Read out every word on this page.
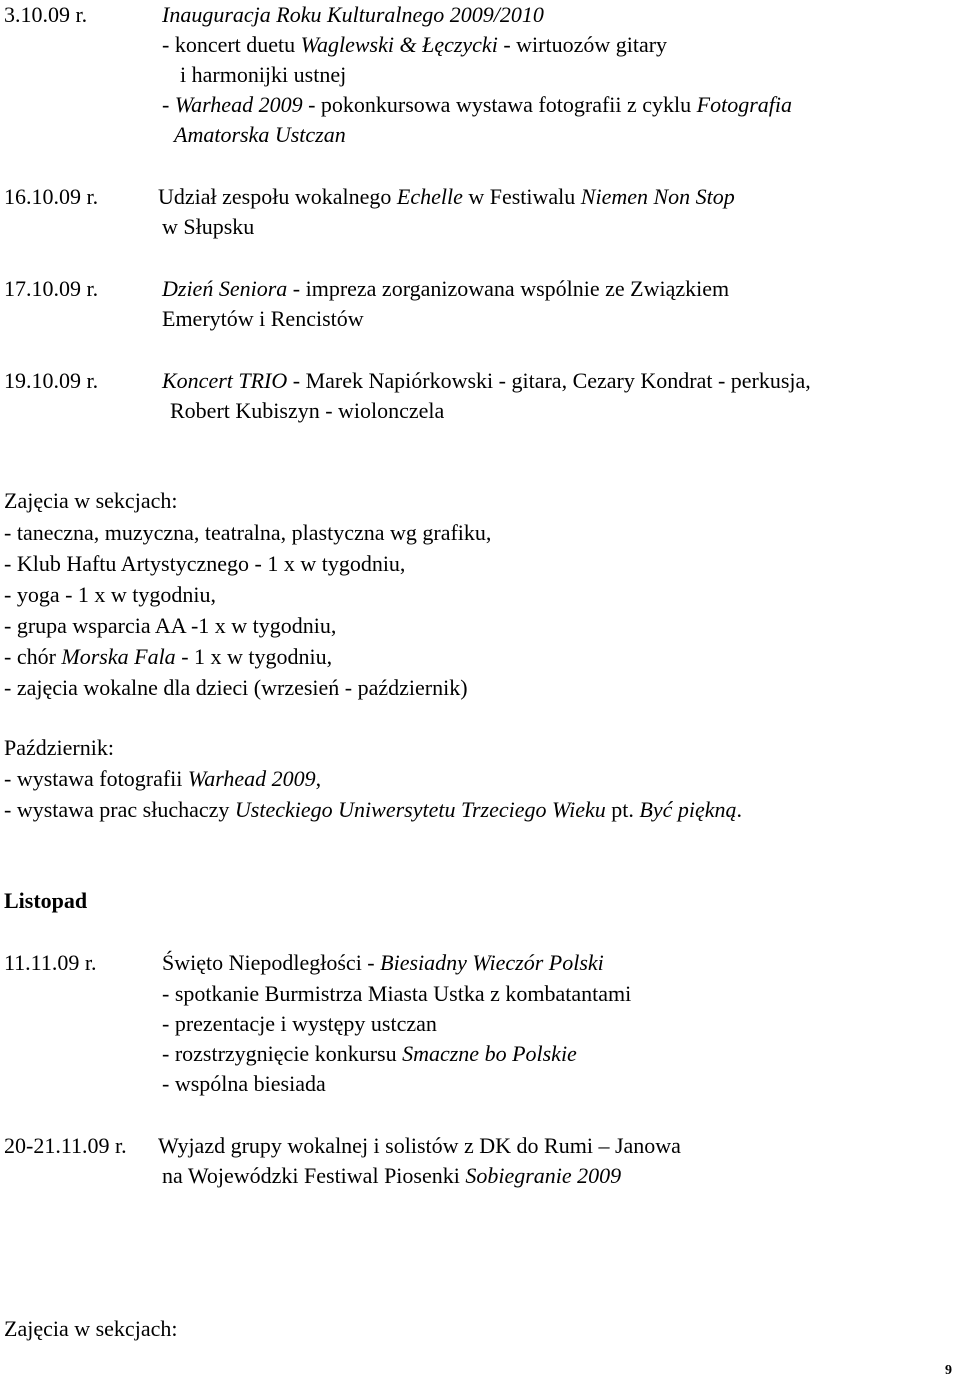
3.10.09 r.	Inauguracja Roku Kulturalnego 2009/2010
- koncert duetu Waglewski & Łęczycki - wirtuozów gitary
i harmonijki ustnej
- Warhead 2009 - pokonkursowa wystawa fotografii z cyklu Fotografia
Amatorska Ustczan
16.10.09 r.	Udział zespołu wokalnego Echelle w Festiwalu Niemen Non Stop
w Słupsku
17.10.09 r.	Dzień Seniora - impreza zorganizowana wspólnie ze Związkiem
Emerytów i Rencistów
19.10.09 r.	Koncert TRIO - Marek Napiórkowski - gitara, Cezary Kondrat - perkusja,
Robert Kubiszyn - wiolonczela
Zajęcia w sekcjach:
- taneczna, muzyczna, teatralna, plastyczna wg grafiku,
- Klub Haftu Artystycznego - 1 x w tygodniu,
- yoga - 1 x w tygodniu,
- grupa wsparcia AA -1 x w tygodniu,
- chór Morska Fala - 1 x w tygodniu,
- zajęcia wokalne dla dzieci (wrzesień - październik)
Październik:
- wystawa fotografii Warhead 2009,
- wystawa prac słuchaczy Usteckiego Uniwersytetu Trzeciego Wieku pt. Być piękną.
Listopad
11.11.09 r.	Święto Niepodległości - Biesiadny Wieczór Polski
- spotkanie Burmistrza Miasta Ustka z kombatantami
- prezentacje i występy ustczan
- rozstrzygnięcie konkursu Smaczne bo Polskie
- wspólna biesiada
20-21.11.09 r. Wyjazd grupy wokalnej i solistów z DK do Rumi – Janowa
na Wojewódzki Festiwal Piosenki Sobiegranie 2009
Zajęcia w sekcjach:
9
